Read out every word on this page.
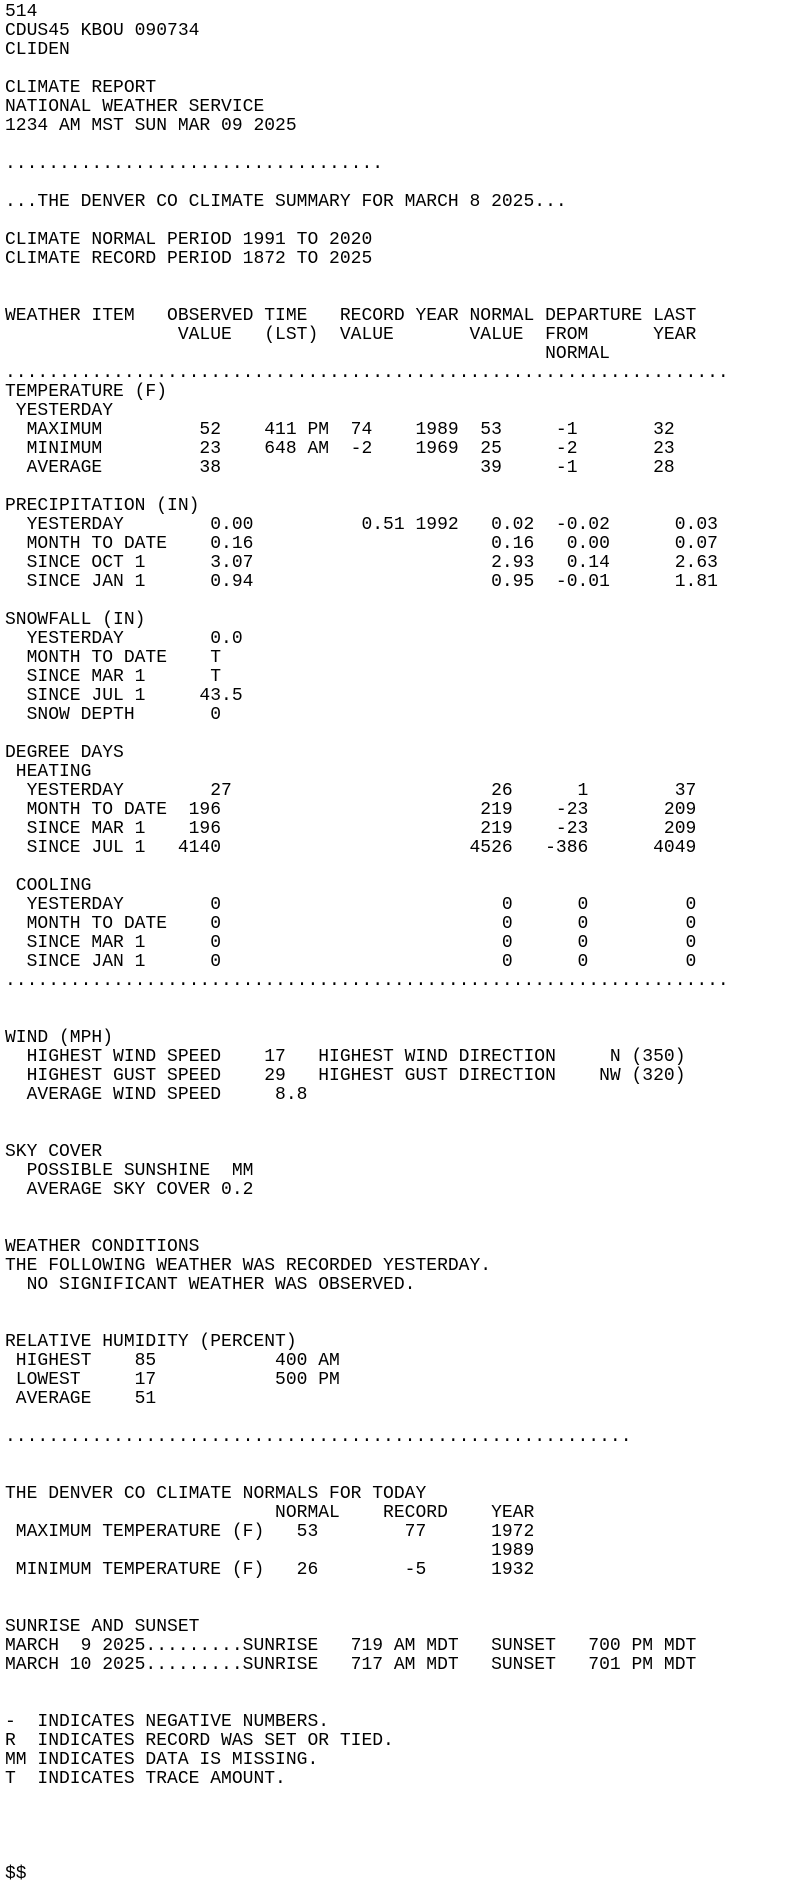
514
CDUS45 KBOU 090734
CLIDEN
CLIMATE REPORT
NATIONAL WEATHER SERVICE
1234 AM MST SUN MAR 09 2025
...................................
...THE DENVER CO CLIMATE SUMMARY FOR MARCH 8 2025...
CLIMATE NORMAL PERIOD 1991 TO 2020
CLIMATE RECORD PERIOD 1872 TO 2025
WEATHER ITEM   OBSERVED TIME   RECORD YEAR NORMAL DEPARTURE LAST
VALUE   (LST)  VALUE       VALUE  FROM      YEAR
NORMAL
...................................................................
TEMPERATURE (F)
YESTERDAY
MAXIMUM         52    411 PM  74    1989  53     -1       32
MINIMUM         23    648 AM  -2    1969  25     -2       23
AVERAGE         38                        39     -1       28
PRECIPITATION (IN)
YESTERDAY        0.00          0.51 1992   0.02  -0.02      0.03
MONTH TO DATE    0.16                      0.16   0.00      0.07
SINCE OCT 1      3.07                      2.93   0.14      2.63
SINCE JAN 1      0.94                      0.95  -0.01      1.81
SNOWFALL (IN)
YESTERDAY        0.0
MONTH TO DATE    T
SINCE MAR 1      T
SINCE JUL 1     43.5
SNOW DEPTH       0
DEGREE DAYS
HEATING
YESTERDAY        27                        26      1        37
MONTH TO DATE  196                        219    -23       209
SINCE MAR 1    196                        219    -23       209
SINCE JUL 1   4140                       4526   -386      4049
COOLING
YESTERDAY        0                          0      0         0
MONTH TO DATE    0                          0      0         0
SINCE MAR 1      0                          0      0         0
SINCE JAN 1      0                          0      0         0
...................................................................
WIND (MPH)
HIGHEST WIND SPEED    17   HIGHEST WIND DIRECTION     N (350)
HIGHEST GUST SPEED    29   HIGHEST GUST DIRECTION    NW (320)
AVERAGE WIND SPEED     8.8
SKY COVER
POSSIBLE SUNSHINE  MM
AVERAGE SKY COVER 0.2
WEATHER CONDITIONS
THE FOLLOWING WEATHER WAS RECORDED YESTERDAY.
NO SIGNIFICANT WEATHER WAS OBSERVED.
RELATIVE HUMIDITY (PERCENT)
HIGHEST    85           400 AM
LOWEST     17           500 PM
AVERAGE    51
..........................................................
THE DENVER CO CLIMATE NORMALS FOR TODAY
NORMAL    RECORD    YEAR
MAXIMUM TEMPERATURE (F)   53        77      1972
1989
MINIMUM TEMPERATURE (F)   26        -5      1932
SUNRISE AND SUNSET
MARCH  9 2025.........SUNRISE   719 AM MDT   SUNSET   700 PM MDT
MARCH 10 2025.........SUNRISE   717 AM MDT   SUNSET   701 PM MDT
-  INDICATES NEGATIVE NUMBERS.
R  INDICATES RECORD WAS SET OR TIED.
MM INDICATES DATA IS MISSING.
T  INDICATES TRACE AMOUNT.
$$
